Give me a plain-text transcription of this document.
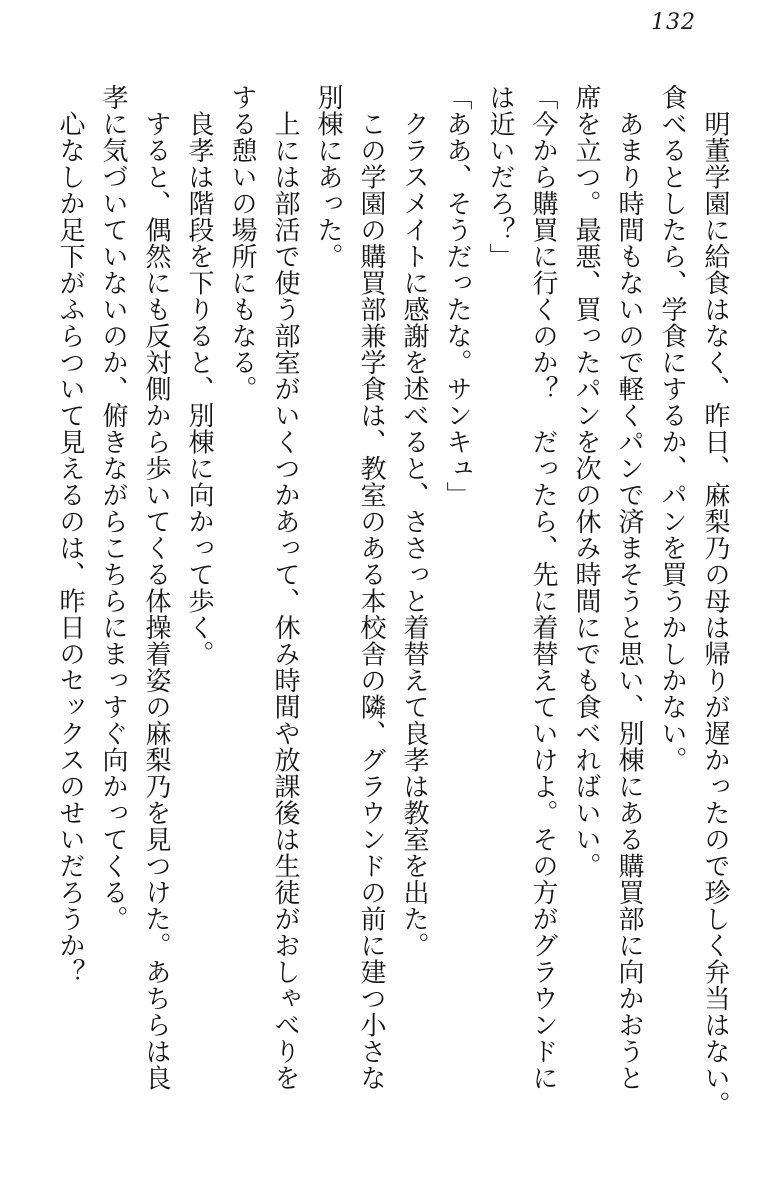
132

　明董学園に給食はなく、昨日、麻梨乃の母は帰りが遅かったので珍しく弁当はない。

食べるとしたら、学食にするか、パンを買うかしかない。

　あまり時間もないので軽くパンで済まそうと思い、別棟にある購買部に向かおうと

席を立つ。最悪、買ったパンを次の休み時間にでも食べればいい。

「今から購買に行くのか？　だったら、先に着替えていけよ。その方がグラウンドに

は近いだろ？」

「ああ、そうだったな。サンキュ」

　クラスメイトに感謝を述べると、ささっと着替えて良孝は教室を出た。

　この学園の購買部兼学食は、教室のある本校舎の隣、グラウンドの前に建つ小さな

別棟にあった。

　上には部活で使う部室がいくつかあって、休み時間や放課後は生徒がおしゃべりを

する憩いの場所にもなる。

　良孝は階段を下りると、別棟に向かって歩く。

　すると、偶然にも反対側から歩いてくる体操着姿の麻梨乃を見つけた。あちらは良

孝に気づいていないのか、俯きながらこちらにまっすぐ向かってくる。

　心なしか足下がふらついて見えるのは、昨日のセックスのせいだろうか？
